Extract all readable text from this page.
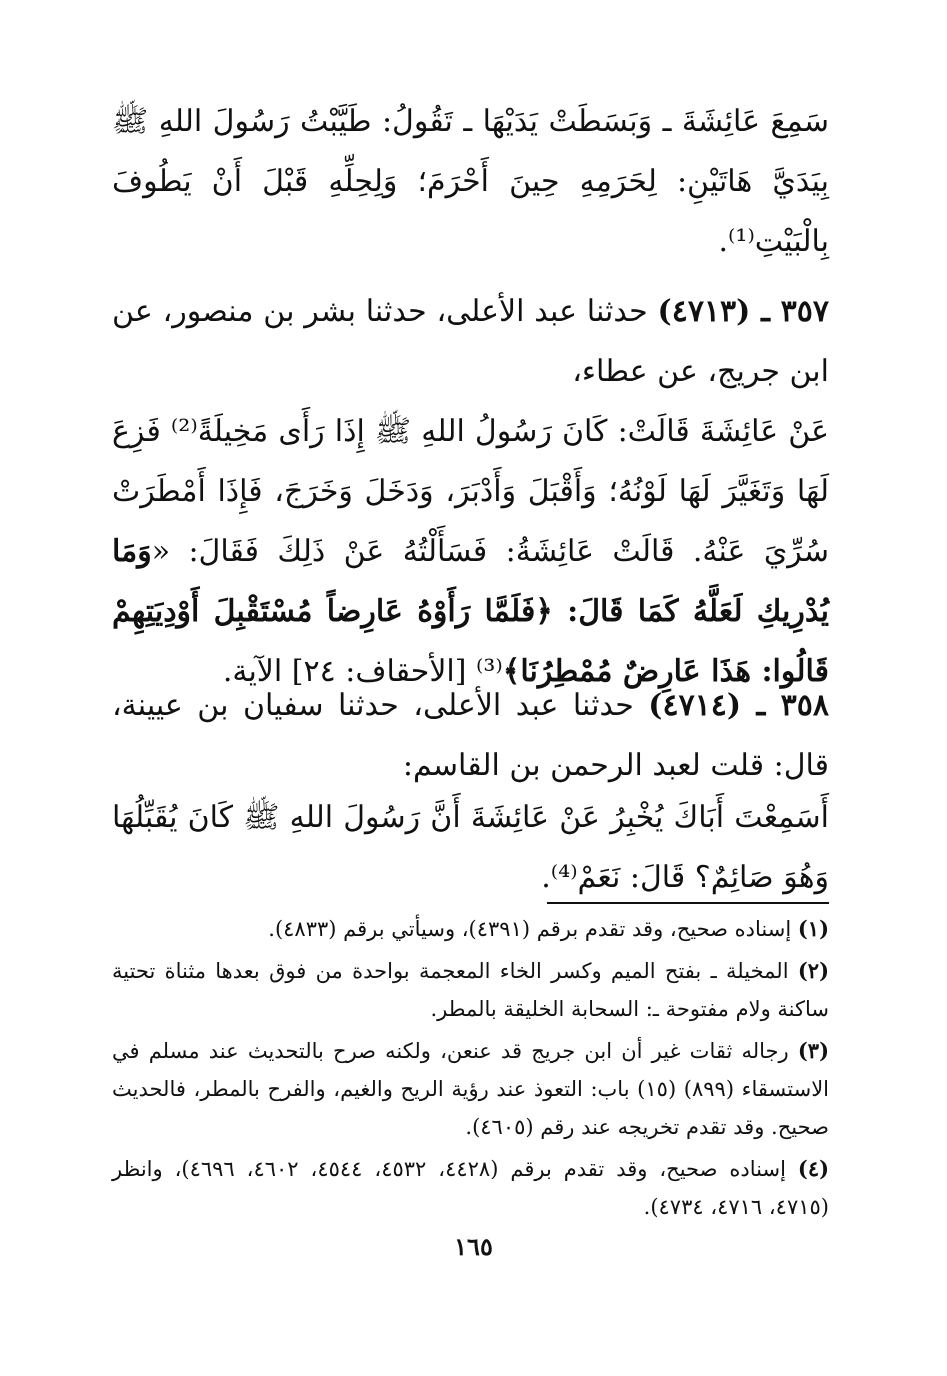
سَمِعَ عَائِشَةَ ـ وَبَسَطَتْ يَدَيْهَا ـ تَقُولُ: طَيَّبْتُ رَسُولَ اللهِ ﷺ بِيَدَيَّ هَاتَيْنِ: لِحَرَمِهِ حِينَ أَحْرَمَ؛ وَلِحِلِّهِ قَبْلَ أَنْ يَطُوفَ بِالْبَيْتِ⁽¹⁾.

٣٥٧ ـ (٤٧١٣) حدثنا عبد الأعلى، حدثنا بشر بن منصور، عن ابن جريج، عن عطاء،

عَنْ عَائِشَةَ قَالَتْ: كَانَ رَسُولُ اللهِ ﷺ إِذَا رَأَى مَخِيلَةً⁽²⁾ فَزِعَ لَهَا وَتَغَيَّرَ لَهَا لَوْنُهُ؛ وَأَقْبَلَ وَأَدْبَرَ، وَدَخَلَ وَخَرَجَ، فَإِذَا أَمْطَرَتْ سُرِّيَ عَنْهُ. قَالَتْ عَائِشَةُ: فَسَأَلْتُهُ عَنْ ذَلِكَ فَقَالَ: «وَمَا يُدْرِيكِ لَعَلَّهُ كَمَا قَالَ: ﴿فَلَمَّا رَأَوْهُ عَارِضاً مُسْتَقْبِلَ أَوْدِيَتِهِمْ قَالُوا: هَذَا عَارِضٌ مُمْطِرُنَا﴾⁽³⁾ [الأحقاف: ٢٤] الآية.

٣٥٨ ـ (٤٧١٤) حدثنا عبد الأعلى، حدثنا سفيان بن عيينة، قال: قلت لعبد الرحمن بن القاسم:

أَسَمِعْتَ أَبَاكَ يُخْبِرُ عَنْ عَائِشَةَ أَنَّ رَسُولَ اللهِ ﷺ كَانَ يُقَبِّلُهَا وَهُوَ صَائِمٌ؟ قَالَ: نَعَمْ⁽⁴⁾.

(١) إسناده صحيح، وقد تقدم برقم (٤٣٩١)، وسيأتي برقم (٤٨٣٣).

(٢) المخيلة ـ بفتح الميم وكسر الخاء المعجمة بواحدة من فوق بعدها مثناة تحتية ساكنة ولام مفتوحة ـ: السحابة الخليقة بالمطر.

(٣) رجاله ثقات غير أن ابن جريج قد عنعن، ولكنه صرح بالتحديث عند مسلم في الاستسقاء (٨٩٩) (١٥) باب: التعوذ عند رؤية الريح والغيم، والفرح بالمطر، فالحديث صحيح. وقد تقدم تخريجه عند رقم (٤٦٠٥).

(٤) إسناده صحيح، وقد تقدم برقم (٤٤٢٨، ٤٥٣٢، ٤٥٤٤، ٤٦٠٢، ٤٦٩٦)، وانظر (٤٧١٥، ٤٧١٦، ٤٧٣٤).

١٦٥
